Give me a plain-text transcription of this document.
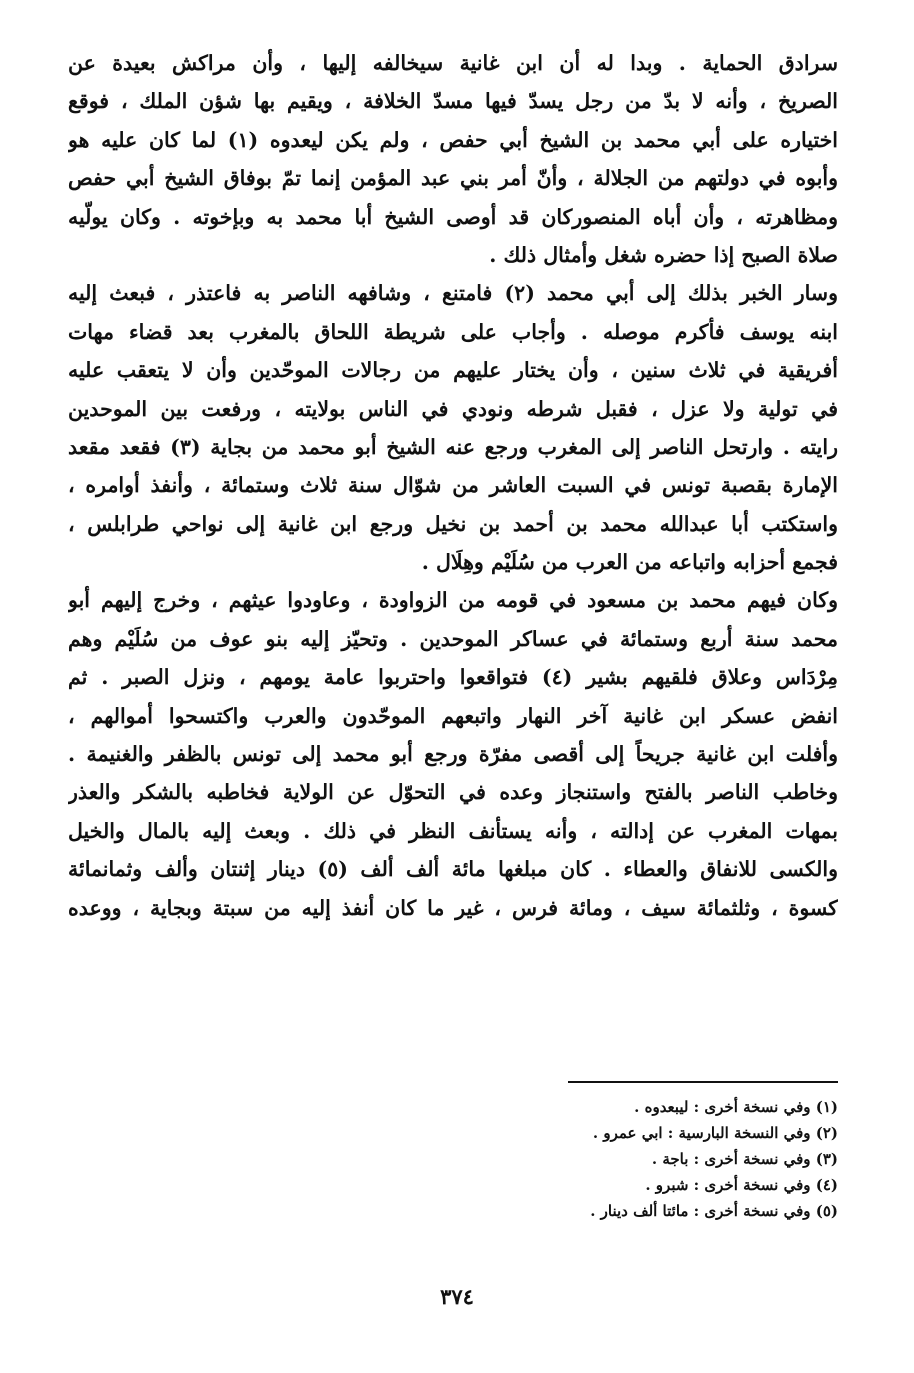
سرادق الحماية . وبدا له أن ابن غانية سيخالفه إليها ، وأن مراكش بعيدة عن
الصريخ ، وأنه لا بدّ من رجل يسدّ فيها مسدّ الخلافة ، ويقيم بها شؤن الملك ، فوقع
اختياره على أبي محمد بن الشيخ أبي حفص ، ولم يكن ليعدوه (١) لما كان عليه هو
وأبوه في دولتهم من الجلالة ، وأنّ أمر بني عبد المؤمن إنما تمّ بوفاق الشيخ أبي حفص
ومظاهرته ، وأن أباه المنصوركان قد أوصى الشيخ أبا محمد به وبإخوته . وكان يولّيه
صلاة الصبح إذا حضره شغل وأمثال ذلك .
وسار الخبر بذلك إلى أبي محمد (٢) فامتنع ، وشافهه الناصر به فاعتذر ، فبعث إليه
ابنه يوسف فأكرم موصله . وأجاب على شريطة اللحاق بالمغرب بعد قضاء مهات
أفريقية في ثلاث سنين ، وأن يختار عليهم من رجالات الموحّدين وأن لا يتعقب عليه
في تولية ولا عزل ، فقبل شرطه ونودي في الناس بولايته ، ورفعت بين الموحدين
رايته . وارتحل الناصر إلى المغرب ورجع عنه الشيخ أبو محمد من بجاية (٣) فقعد مقعد
الإمارة بقصبة تونس في السبت العاشر من شوّال سنة ثلاث وستمائة ، وأنفذ أوامره ،
واستكتب أبا عبدالله محمد بن أحمد بن نخيل ورجع ابن غانية إلى نواحي طرابلس ،
فجمع أحزابه واتباعه من العرب من سُلَيْم وهِلَال .
وكان فيهم محمد بن مسعود في قومه من الزواودة ، وعاودوا عيثهم ، وخرج إليهم أبو
محمد سنة أربع وستمائة في عساكر الموحدين . وتحيّز إليه بنو عوف من سُلَيْم وهم
مِرْدَاس وعلاق فلقيهم بشير (٤) فتواقعوا واحتربوا عامة يومهم ، ونزل الصبر . ثم
انفض عسكر ابن غانية آخر النهار واتبعهم الموحّدون والعرب واكتسحوا أموالهم ،
وأفلت ابن غانية جريحاً إلى أقصى مفرّة ورجع أبو محمد إلى تونس بالظفر والغنيمة .
وخاطب الناصر بالفتح واستنجاز وعده في التحوّل عن الولاية فخاطبه بالشكر والعذر
بمهات المغرب عن إدالته ، وأنه يستأنف النظر في ذلك . وبعث إليه بالمال والخيل
والكسى للانفاق والعطاء . كان مبلغها مائة ألف ألف (٥) دينار إثنتان وألف وثمانمائة
كسوة ، وثلثمائة سيف ، ومائة فرس ، غير ما كان أنفذ إليه من سبتة وبجاية ، ووعده
(١) وفي نسخة أخرى : ليبعدوه .
(٢) وفي النسخة البارسية : ابي عمرو .
(٣) وفي نسخة أخرى : باجة .
(٤) وفي نسخة أخرى : شبرو .
(٥) وفي نسخة أخرى : مائتا ألف دينار .
٣٧٤
